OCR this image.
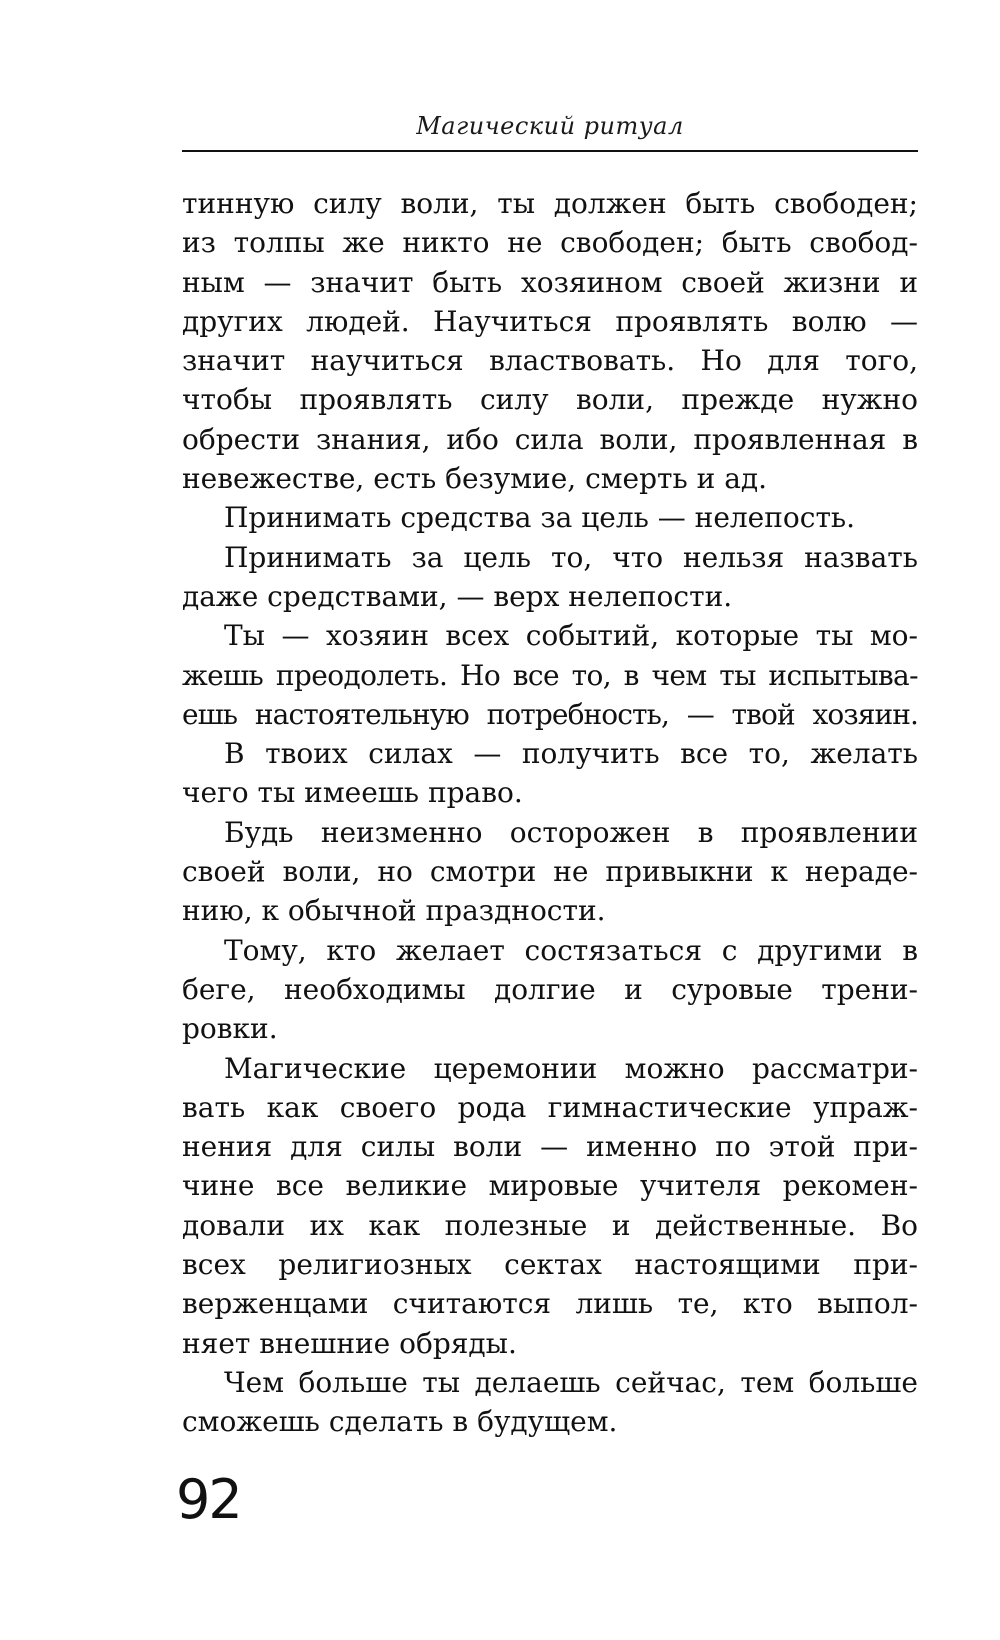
Магический ритуал
тинную силу воли, ты должен быть свободен;
из толпы же никто не свободен; быть свобод-
ным — значит быть хозяином своей жизни и
других людей. Научиться проявлять волю —
значит научиться властвовать. Но для того,
чтобы проявлять силу воли, прежде нужно
обрести знания, ибо сила воли, проявленная в
невежестве, есть безумие, смерть и ад.
Принимать средства за цель — нелепость.
Принимать за цель то, что нельзя назвать
даже средствами, — верх нелепости.
Ты — хозяин всех событий, которые ты мо-
жешь преодолеть. Но все то, в чем ты испытыва-
ешь настоятельную потребность, — твой хозяин.
В твоих силах — получить все то, желать
чего ты имеешь право.
Будь неизменно осторожен в проявлении
своей воли, но смотри не привыкни к нераде-
нию, к обычной праздности.
Тому, кто желает состязаться с другими в
беге, необходимы долгие и суровые трени-
ровки.
Магические церемонии можно рассматри-
вать как своего рода гимнастические упраж-
нения для силы воли — именно по этой при-
чине все великие мировые учителя рекомен-
довали их как полезные и действенные. Во
всех религиозных сектах настоящими при-
верженцами считаются лишь те, кто выпол-
няет внешние обряды.
Чем больше ты делаешь сейчас, тем больше
сможешь сделать в будущем.
92
